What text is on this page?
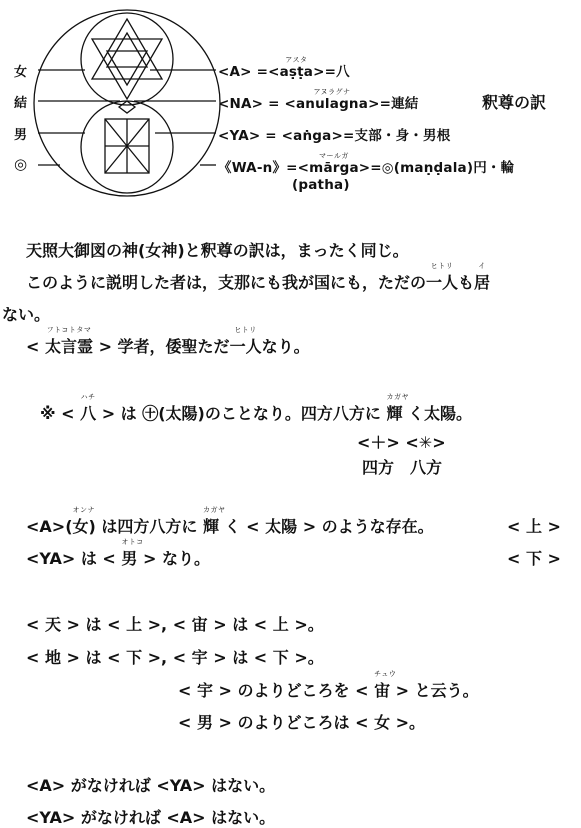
女
結
男
◎
<A> =<
アスタ
aṣṭa>=八
<NA> = <
アヌラグナ
anulagna>=連結
<YA> = <aṅga>=支部・身・男根
《WA-n》=<
マールガ
mārga>=◎(maṇḍala)円・輪
(patha)
釈尊の訳
天照大御図の神(女神)と釈尊の訳は，まったく同じ。
このように説明した者は，支那にも我が国にも，ただの
ヒトリ
一人も
イ
居
ない。
<
フトコトタマ
太言霊 > 学者，倭聖ただ
ヒトリ
一人なり。
※ <
ハチ
八 > は ㊉(太陽)のことなり。四方八方に
カガヤ
輝 く太陽。
<＋> <✳>
四方　八方
<A>(
オンナ
女) は四方八方に
カガヤ
輝 く < 太陽 > のような存在。	< 上 >
<YA> は <
オトコ
男 > なり。	< 下 >
< 天 > は < 上 >, < 宙 > は < 上 >。
< 地 > は < 下 >, < 宇 > は < 下 >。
< 宇 > のよりどころを <
チュウ
宙 > と云う。
< 男 > のよりどころは < 女 >。
<A> がなければ <YA> はない。
<YA> がなければ <A> はない。
